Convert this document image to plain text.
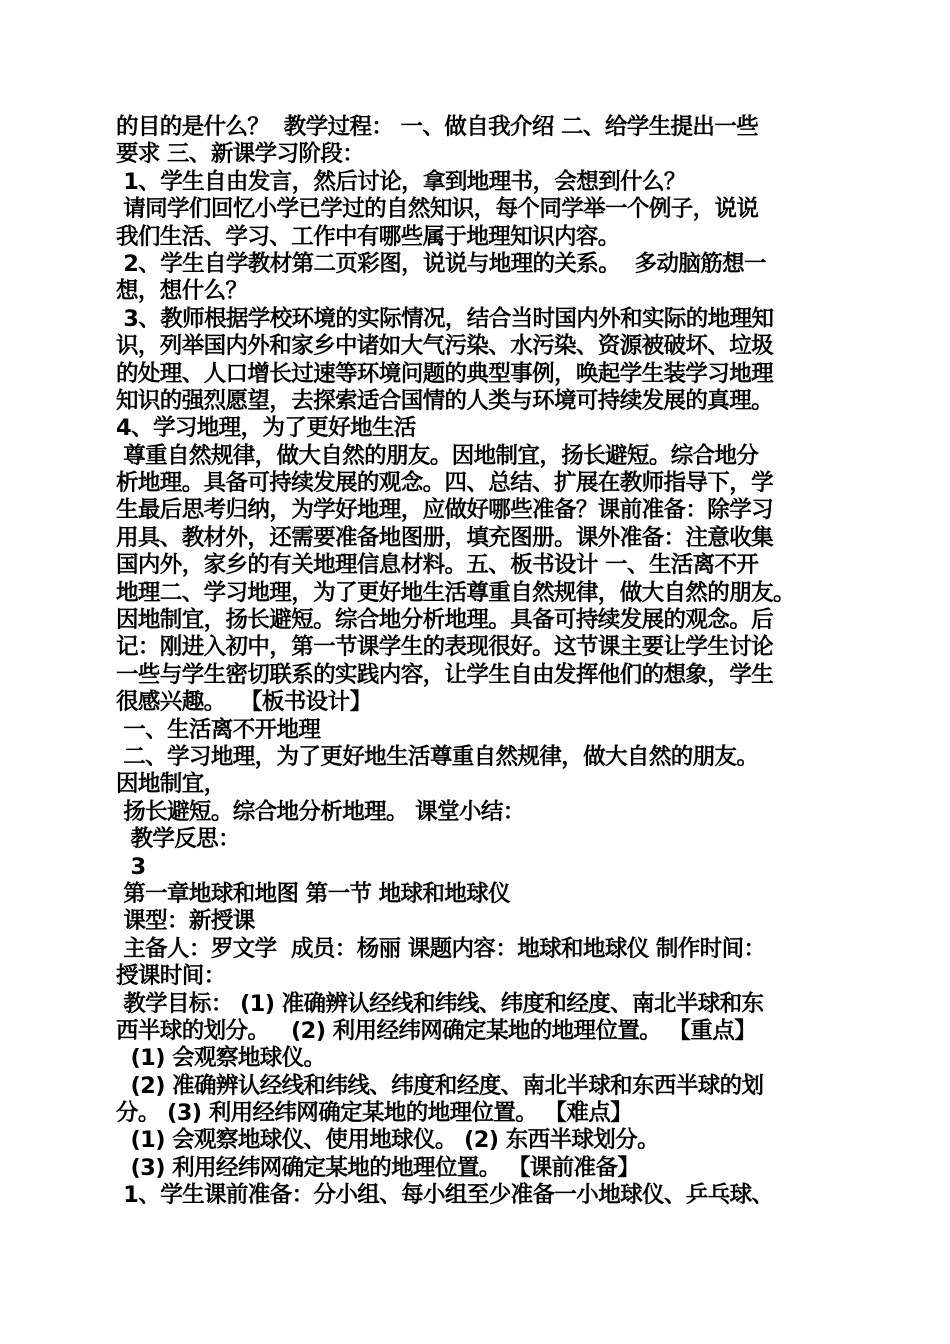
的目的是什么？  教学过程： 一、做自我介绍 二、给学生提出一些
要求 三、新课学习阶段：
1、学生自由发言，然后讨论，拿到地理书，会想到什么？
请同学们回忆小学已学过的自然知识，每个同学举一个例子，说说
我们生活、学习、工作中有哪些属于地理知识内容。
2、学生自学教材第二页彩图，说说与地理的关系。  多动脑筋想一
想，想什么？
3、教师根据学校环境的实际情况，结合当时国内外和实际的地理知
识，列举国内外和家乡中诸如大气污染、水污染、资源被破坏、垃圾
的处理、人口增长过速等环境问题的典型事例，唤起学生装学习地理
知识的强烈愿望，去探索适合国情的人类与环境可持续发展的真理。
4、学习地理，为了更好地生活
尊重自然规律，做大自然的朋友。因地制宜，扬长避短。综合地分
析地理。具备可持续发展的观念。四、总结、扩展在教师指导下，学
生最后思考归纳，为学好地理，应做好哪些准备？课前准备：除学习
用具、教材外，还需要准备地图册，填充图册。课外准备：注意收集
国内外，家乡的有关地理信息材料。五、板书设计 一、生活离不开
地理二、学习地理，为了更好地生活尊重自然规律，做大自然的朋友。
因地制宜，扬长避短。综合地分析地理。具备可持续发展的观念。后
记：刚进入初中，第一节课学生的表现很好。这节课主要让学生讨论
一些与学生密切联系的实践内容，让学生自由发挥他们的想象，学生
很感兴趣。  【板书设计】
一、生活离不开地理
二、学习地理，为了更好地生活尊重自然规律，做大自然的朋友。
因地制宜，
扬长避短。综合地分析地理。 课堂小结：
教学反思：
3
第一章地球和地图 第一节 地球和地球仪
课型：新授课
主备人：罗文学  成员：杨丽 课题内容：地球和地球仪 制作时间：
授课时间：
教学目标： (1) 准确辨认经线和纬线、纬度和经度、南北半球和东
西半球的划分。   (2) 利用经纬网确定某地的地理位置。 【重点】
(1) 会观察地球仪。
(2) 准确辨认经线和纬线、纬度和经度、南北半球和东西半球的划
分。 (3) 利用经纬网确定某地的地理位置。 【难点】
(1) 会观察地球仪、使用地球仪。 (2) 东西半球划分。
(3) 利用经纬网确定某地的地理位置。 【课前准备】
1、学生课前准备：分小组、每小组至少准备一小地球仪、乒乓球、
